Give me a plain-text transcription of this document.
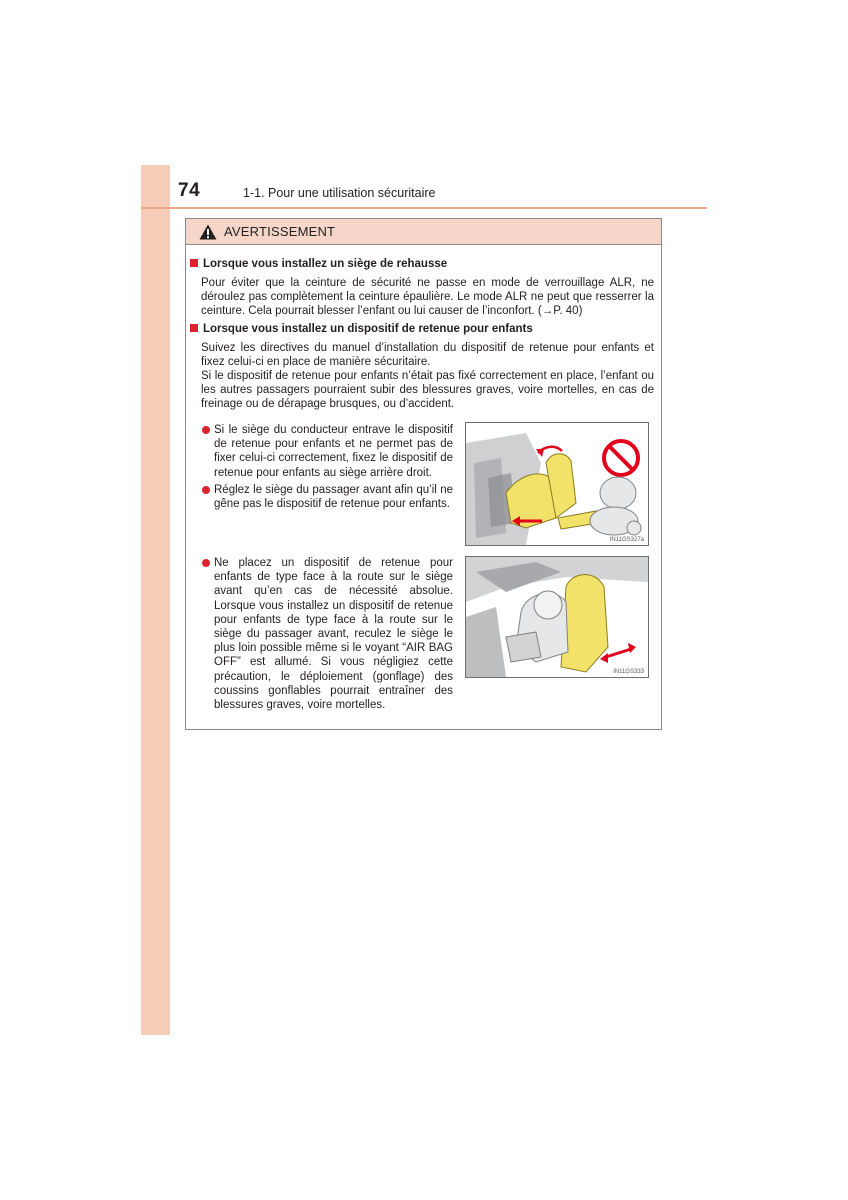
74	1-1. Pour une utilisation sécuritaire
AVERTISSEMENT
Lorsque vous installez un siège de rehausse
Pour éviter que la ceinture de sécurité ne passe en mode de verrouillage ALR, ne déroulez pas complètement la ceinture épaulière. Le mode ALR ne peut que resserrer la ceinture. Cela pourrait blesser l’enfant ou lui causer de l’inconfort. (→P. 40)
Lorsque vous installez un dispositif de retenue pour enfants
Suivez les directives du manuel d’installation du dispositif de retenue pour enfants et fixez celui-ci en place de manière sécuritaire.
Si le dispositif de retenue pour enfants n’était pas fixé correctement en place, l’enfant ou les autres passagers pourraient subir des blessures graves, voire mortelles, en cas de freinage ou de dérapage brusques, ou d’accident.
Si le siège du conducteur entrave le dispositif de retenue pour enfants et ne permet pas de fixer celui-ci correctement, fixez le dispositif de retenue pour enfants au siège arrière droit.
Réglez le siège du passager avant afin qu’il ne gêne pas le dispositif de retenue pour enfants.
IN11GS327a
IN11GS333
Ne placez un dispositif de retenue pour enfants de type face à la route sur le siège avant qu’en cas de nécessité absolue. Lorsque vous installez un dispositif de retenue pour enfants de type face à la route sur le siège du passager avant, reculez le siège le plus loin possible même si le voyant “AIR BAG OFF” est allumé. Si vous négligiez cette précaution, le déploiement (gonflage) des coussins gonflables pourrait entraîner des blessures graves, voire mortelles.
